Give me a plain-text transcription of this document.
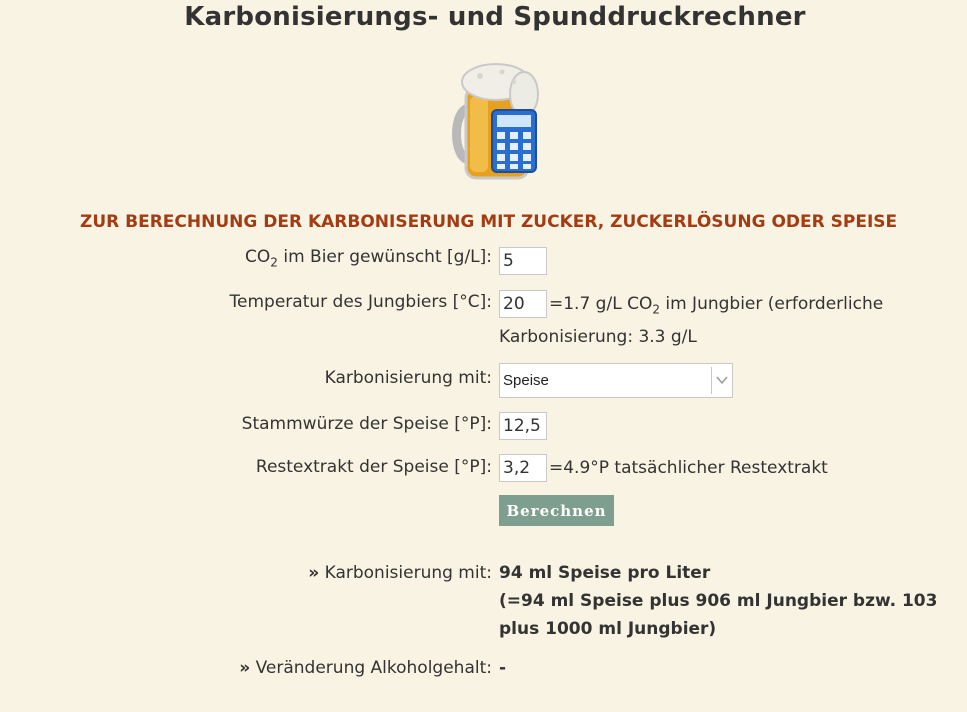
Karbonisierungs- und Spunddruckrechner
ZUR BERECHNUNG DER KARBONISERUNG MIT ZUCKER, ZUCKERLÖSUNG ODER SPEISE
$CO_2$ im Bier gewünscht [g/L]:
5
Temperatur des Jungbiers [°C]:
20	=1.7 g/L $CO_2$ im Jungbier (erforderliche
Karbonisierung: 3.3 g/L
Karbonisierung mit: Speise
Stammwürze der Speise [°P]:
12,5
Restextrakt der Speise [°P]:
3,2	=4.9°P tatsächlicher Restextrakt
Berechnen
» Karbonisierung mit: 94 ml Speise pro Liter
(=94 ml Speise plus 906 ml Jungbier bzw. 103
plus 1000 ml Jungbier)
» Veränderung Alkoholgehalt: -
